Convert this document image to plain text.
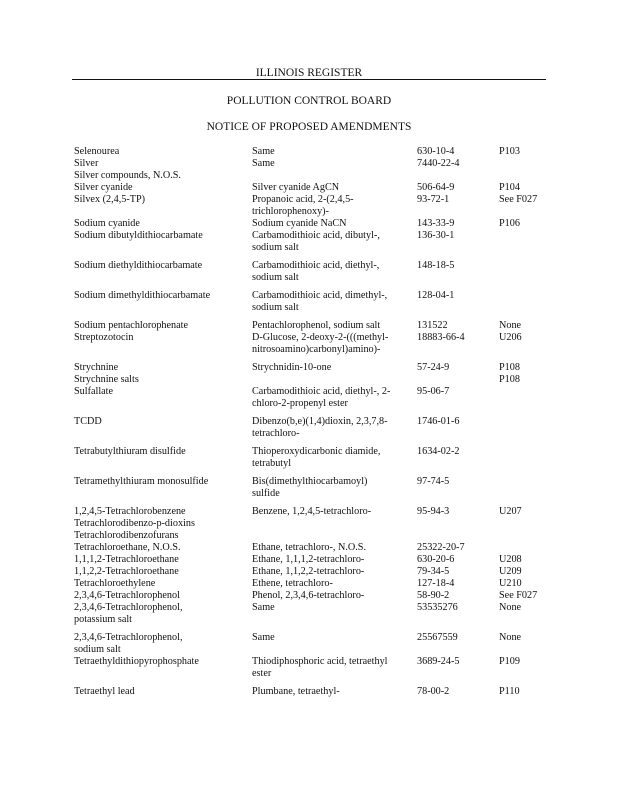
ILLINOIS REGISTER
POLLUTION CONTROL BOARD
NOTICE OF PROPOSED AMENDMENTS
Selenourea	Same	630-10-4	P103

Silver	Same	7440-22-4	

Silver compounds, N.O.S.			

Silver cyanide	Silver cyanide AgCN	506-64-9	P104

Silvex (2,4,5-TP)	Propanoic acid, 2-(2,4,5-
trichlorophenoxy)-	93-72-1	See F027

Sodium cyanide	Sodium cyanide NaCN	143-33-9	P106

Sodium dibutyldithiocarbamate	Carbamodithioic acid, dibutyl-,
sodium salt	136-30-1	

Sodium diethyldithiocarbamate	Carbamodithioic acid, diethyl-,
sodium salt	148-18-5	

Sodium dimethyldithiocarbamate	Carbamodithioic acid, dimethyl-,
sodium salt	128-04-1	

Sodium pentachlorophenate	Pentachlorophenol, sodium salt	131522	None

Streptozotocin	D-Glucose, 2-deoxy-2-(((methyl-
nitrosoamino)carbonyl)amino)-	18883-66-4	U206

Strychnine	Strychnidin-10-one	57-24-9	P108

Strychnine salts			P108

Sulfallate	Carbamodithioic acid, diethyl-, 2-
chloro-2-propenyl ester	95-06-7	

TCDD	Dibenzo(b,e)(1,4)dioxin, 2,3,7,8-
tetrachloro-	1746-01-6	

Tetrabutylthiuram disulfide	Thioperoxydicarbonic diamide,
tetrabutyl	1634-02-2	

Tetramethylthiuram monosulfide	Bis(dimethylthiocarbamoyl)
sulfide	97-74-5	

1,2,4,5-Tetrachlorobenzene	Benzene, 1,2,4,5-tetrachloro-	95-94-3	U207

Tetrachlorodibenzo-p-dioxins			

Tetrachlorodibenzofurans			

Tetrachloroethane, N.O.S.	Ethane, tetrachloro-, N.O.S.	25322-20-7	

1,1,1,2-Tetrachloroethane	Ethane, 1,1,1,2-tetrachloro-	630-20-6	U208

1,1,2,2-Tetrachloroethane	Ethane, 1,1,2,2-tetrachloro-	79-34-5	U209

Tetrachloroethylene	Ethene, tetrachloro-	127-18-4	U210

2,3,4,6-Tetrachlorophenol	Phenol, 2,3,4,6-tetrachloro-	58-90-2	See F027

2,3,4,6-Tetrachlorophenol,
potassium salt	Same	53535276	None

2,3,4,6-Tetrachlorophenol,
sodium salt	Same	25567559	None

Tetraethyldithiopyrophosphate	Thiodiphosphoric acid, tetraethyl
ester	3689-24-5	P109

Tetraethyl lead	Plumbane, tetraethyl-	78-00-2	P110
